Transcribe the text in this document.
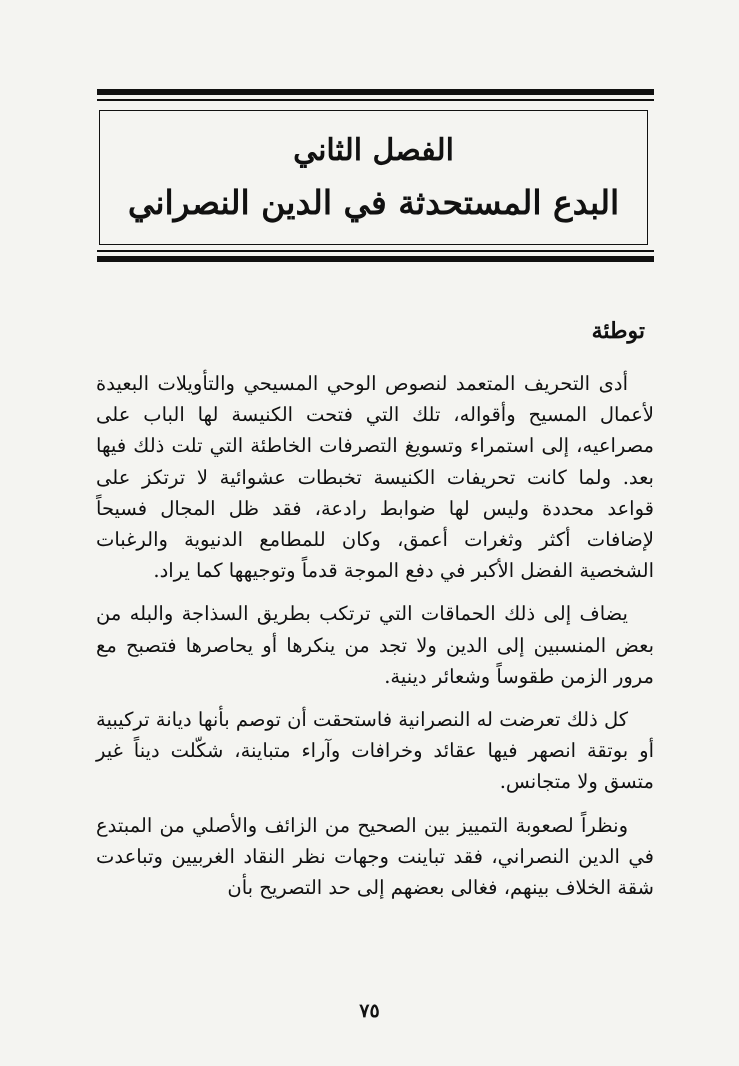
الفصل الثاني
البدع المستحدثة في الدين النصراني
توطئة

أدى التحريف المتعمد لنصوص الوحي المسيحي والتأويلات البعيدة لأعمال المسيح وأقواله، تلك التي فتحت الكنيسة لها الباب على مصراعيه، إلى استمراء وتسويغ التصرفات الخاطئة التي تلت ذلك فيها بعد. ولما كانت تحريفات الكنيسة تخبطات عشوائية لا ترتكز على قواعد محددة وليس لها ضوابط رادعة، فقد ظل المجال فسيحاً لإضافات أكثر وثغرات أعمق، وكان للمطامع الدنيوية والرغبات الشخصية الفضل الأكبر في دفع الموجة قدماً وتوجيهها كما يراد.

يضاف إلى ذلك الحماقات التي ترتكب بطريق السذاجة والبله من بعض المنسبين إلى الدين ولا تجد من ينكرها أو يحاصرها فتصبح مع مرور الزمن طقوساً وشعائر دينية.

كل ذلك تعرضت له النصرانية فاستحقت أن توصم بأنها ديانة تركيبية أو بوتقة انصهر فيها عقائد وخرافات وآراء متباينة، شكّلت ديناً غير متسق ولا متجانس.

ونظراً لصعوبة التمييز بين الصحيح من الزائف والأصلي من المبتدع في الدين النصراني، فقد تباينت وجهات نظر النقاد الغربيين وتباعدت شقة الخلاف بينهم، فغالى بعضهم إلى حد التصريح بأن

٧٥
